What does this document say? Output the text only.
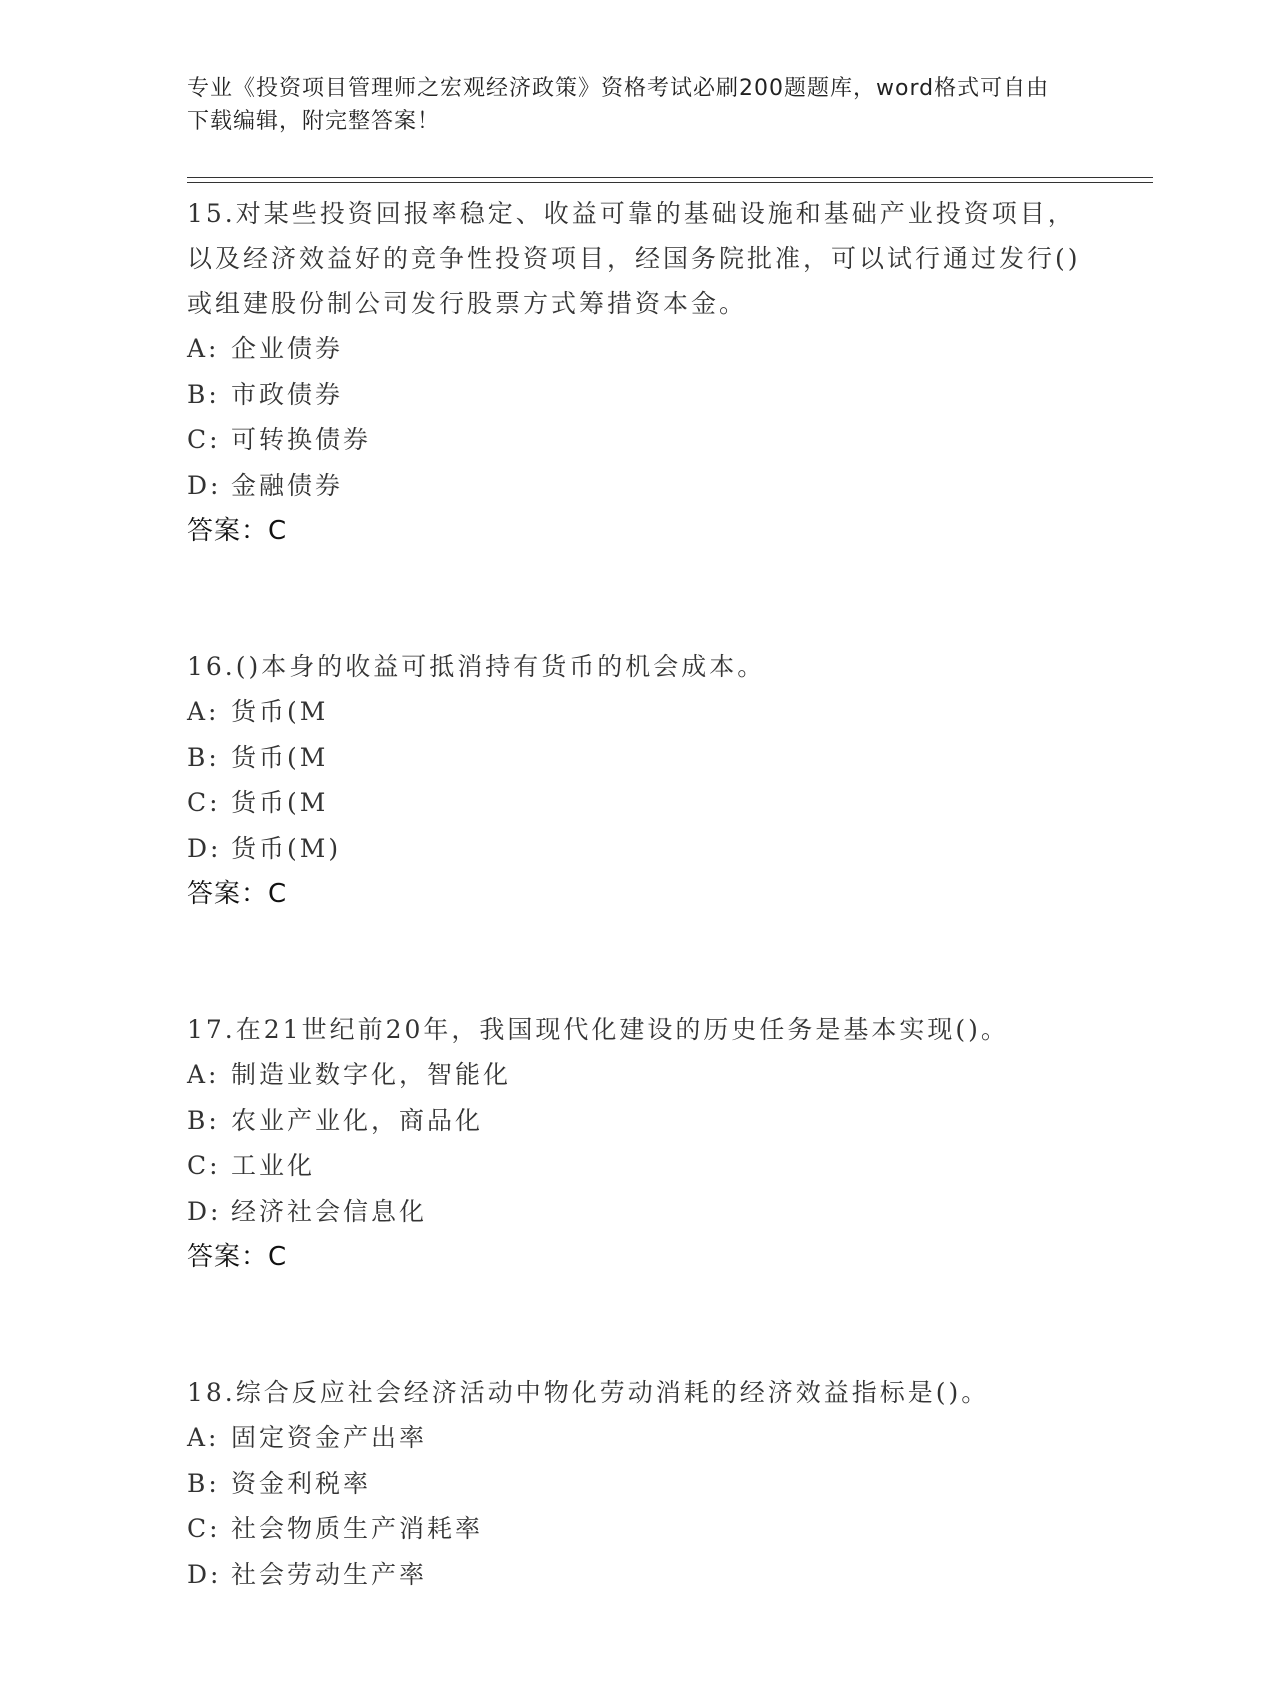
专业《投资项目管理师之宏观经济政策》资格考试必刷200题题库，word格式可自由下载编辑，附完整答案！
15.对某些投资回报率稳定、收益可靠的基础设施和基础产业投资项目，以及经济效益好的竞争性投资项目，经国务院批准，可以试行通过发行()或组建股份制公司发行股票方式筹措资本金。
A: 企业债券
B: 市政债券
C: 可转换债券
D: 金融债券
答案：C
16.()本身的收益可抵消持有货币的机会成本。
A: 货币(M
B: 货币(M
C: 货币(M
D: 货币(M)
答案：C
17.在21世纪前20年，我国现代化建设的历史任务是基本实现()。
A: 制造业数字化，智能化
B: 农业产业化，商品化
C: 工业化
D: 经济社会信息化
答案：C
18.综合反应社会经济活动中物化劳动消耗的经济效益指标是()。
A: 固定资金产出率
B: 资金利税率
C: 社会物质生产消耗率
D: 社会劳动生产率
